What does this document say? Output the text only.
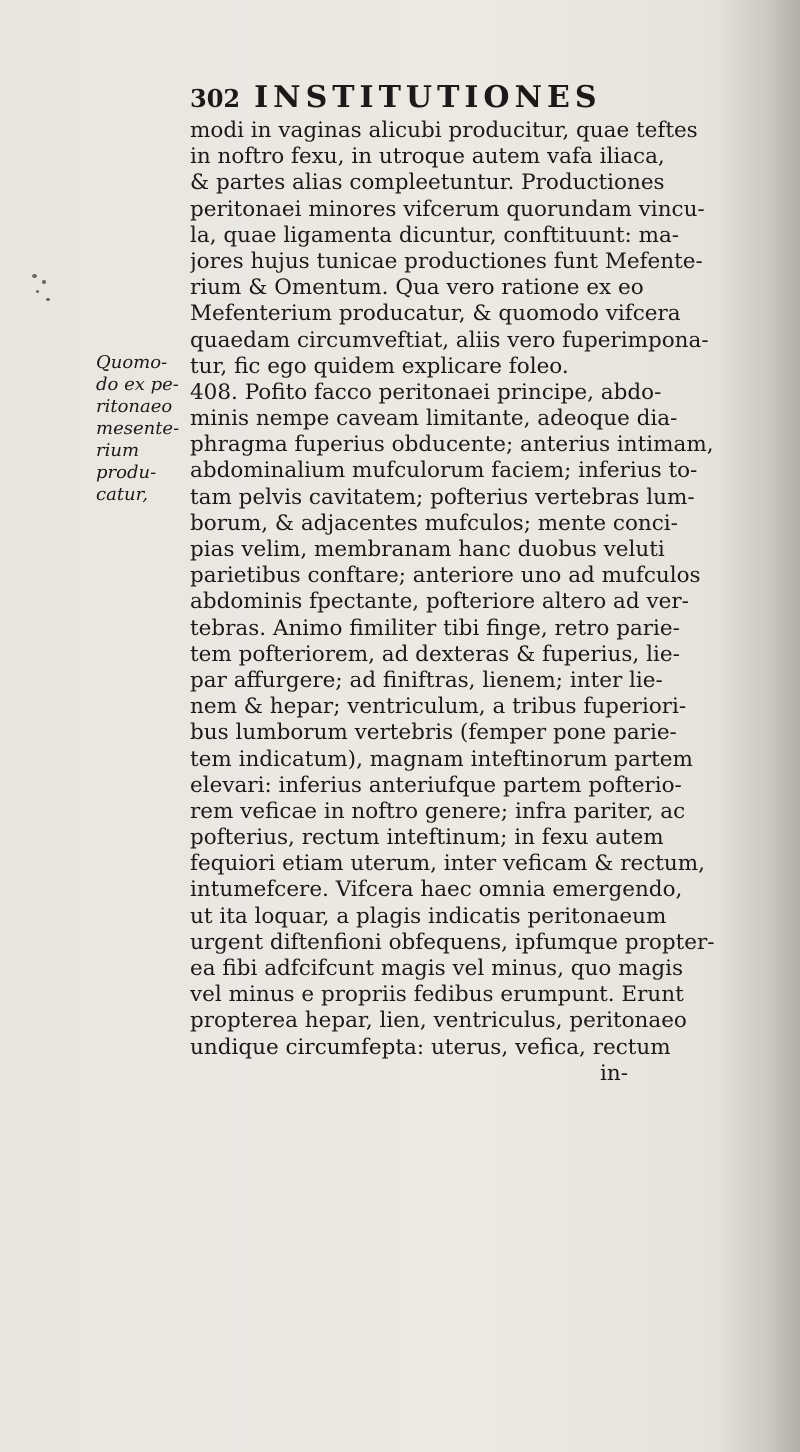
302 INSTITUTIONES
Quomo-
do ex pe-
ritonaeo
mesente-
rium
produ-
catur,
modi in vaginas alicubi producitur, quae teftes
in noftro fexu, in utroque autem vafa iliaca,
& partes alias compleetuntur. Productiones
peritonaei minores vifcerum quorundam vincu-
la, quae ligamenta dicuntur, conftituunt: ma-
jores hujus tunicae productiones funt Mefente-
rium & Omentum. Qua vero ratione ex eo
Mefenterium producatur, & quomodo vifcera
quaedam circumveftiat, aliis vero fuperimpona-
tur, fic ego quidem explicare foleo.
408. Pofito facco peritonaei principe, abdo-
minis nempe caveam limitante, adeoque dia-
phragma fuperius obducente; anterius intimam,
abdominalium mufculorum faciem; inferius to-
tam pelvis cavitatem; pofterius vertebras lum-
borum, & adjacentes mufculos; mente conci-
pias velim, membranam hanc duobus veluti
parietibus conftare; anteriore uno ad mufculos
abdominis fpectante, pofteriore altero ad ver-
tebras. Animo fimiliter tibi finge, retro parie-
tem pofteriorem, ad dexteras & fuperius, lie-
par affurgere; ad finiftras, lienem; inter lie-
nem & hepar; ventriculum, a tribus fuperiori-
bus lumborum vertebris (femper pone parie-
tem indicatum), magnam inteftinorum partem
elevari: inferius anteriufque partem pofterio-
rem veficae in noftro genere; infra pariter, ac
pofterius, rectum inteftinum; in fexu autem
fequiori etiam uterum, inter veficam & rectum,
intumefcere. Vifcera haec omnia emergendo,
ut ita loquar, a plagis indicatis peritonaeum
urgent diftenfioni obfequens, ipfumque propter-
ea fibi adfcifcunt magis vel minus, quo magis
vel minus e propriis fedibus erumpunt. Erunt
propterea hepar, lien, ventriculus, peritonaeo
undique circumfepta: uterus, vefica, rectum
in-
